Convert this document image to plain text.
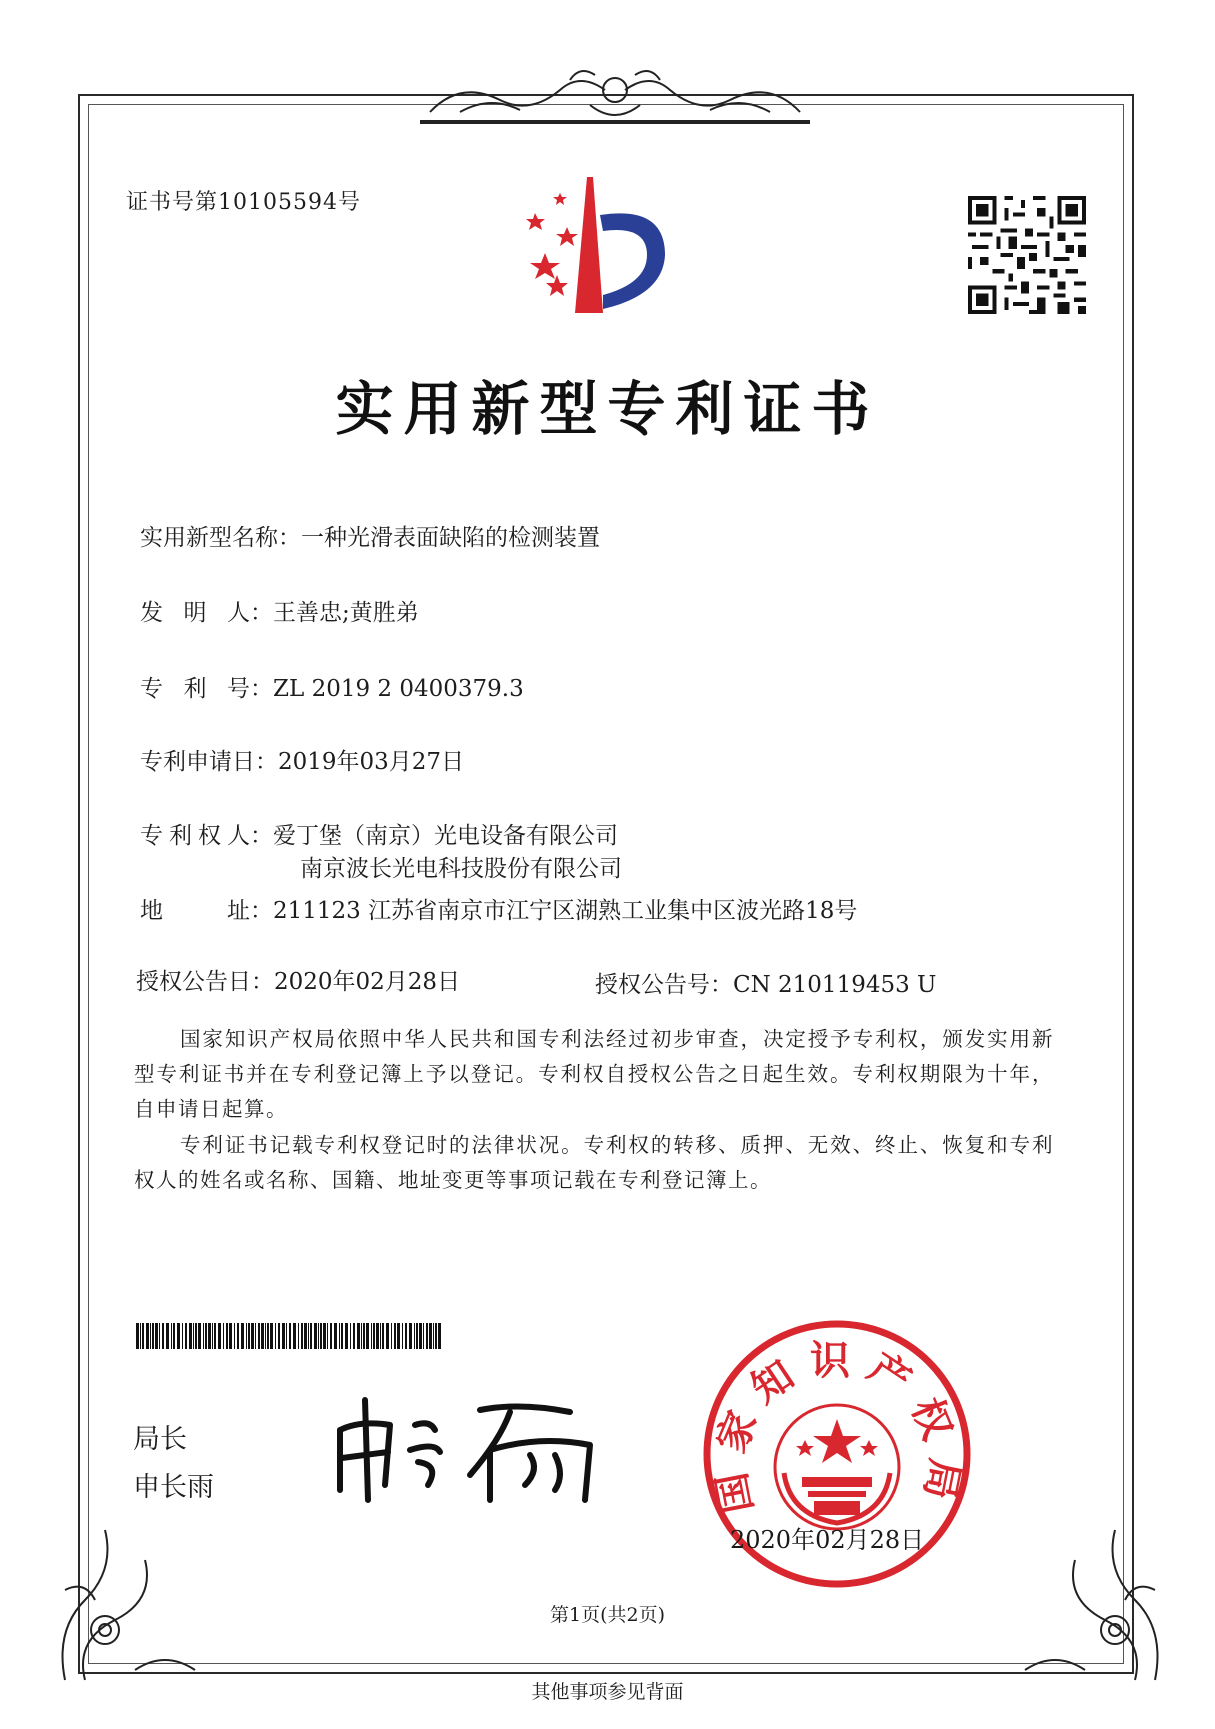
证书号第10105594号
实用新型专利证书
实用新型名称：一种光滑表面缺陷的检测装置
发 明 人 ：王善忠;黄胜弟
专 利 号 ：ZL 2019 2 0400379.3
专利申请日：2019年03月27日
专 利 权 人 ：爱丁堡（南京）光电设备有限公司
南京波长光电科技股份有限公司
地	址 ：211123 江苏省南京市江宁区湖熟工业集中区波光路18号
授权公告日：2020年02月28日	授权公告号：CN 210119453 U
国家知识产权局依照中华人民共和国专利法经过初步审查，决定授予专利权，颁发实用新型专利证书并在专利登记簿上予以登记。专利权自授权公告之日起生效。专利权期限为十年，自申请日起算。
专利证书记载专利权登记时的法律状况。专利权的转移、质押、无效、终止、恢复和专利权人的姓名或名称、国籍、地址变更等事项记载在专利登记簿上。
局长
申长雨	国家知识产权局
2020年02月28日
第1页(共2页)
其他事项参见背面
